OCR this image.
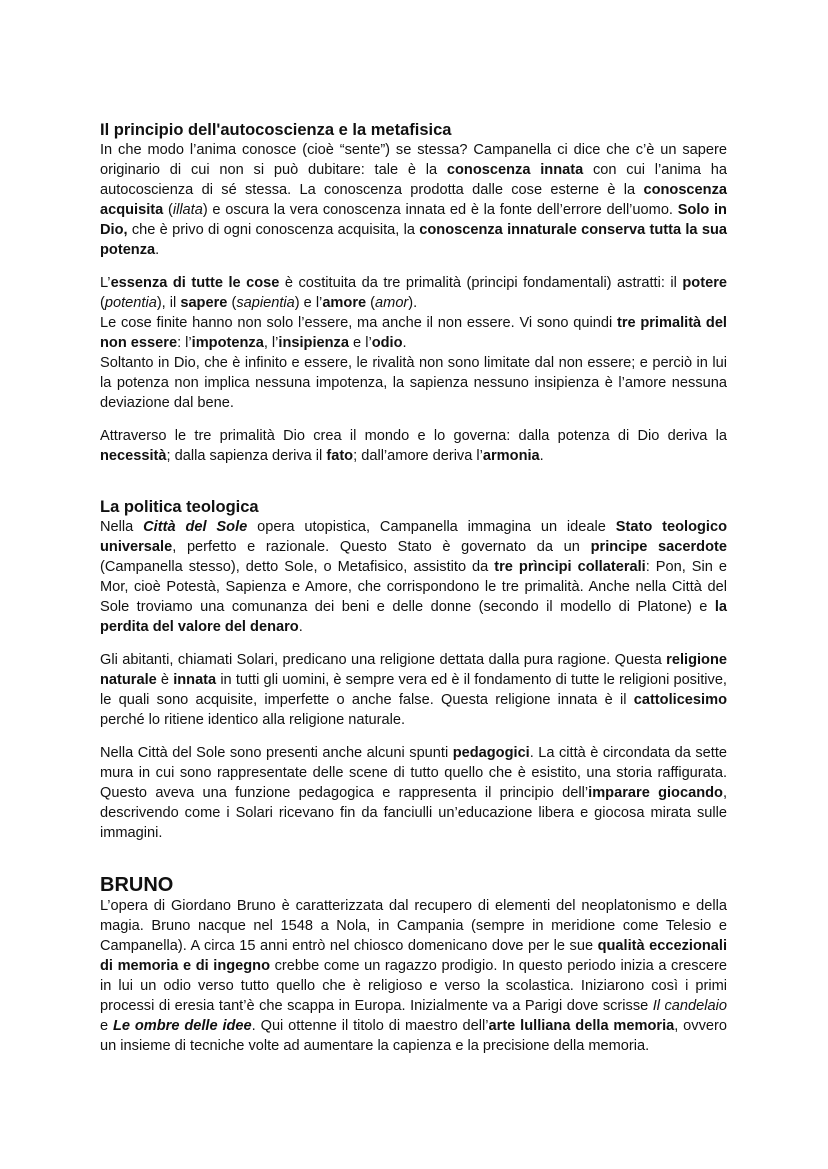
Il principio dell'autocoscienza e la metafisica

In che modo l’anima conosce (cioè “sente”) se stessa? Campanella ci dice che c’è un sapere originario di cui non si può dubitare: tale è la conoscenza innata con cui l’anima ha autocoscienza di sé stessa. La conoscenza prodotta dalle cose esterne è la conoscenza acquisita (illata) e oscura la vera conoscenza innata ed è la fonte dell’errore dell’uomo. Solo in Dio, che è privo di ogni conoscenza acquisita, la conoscenza innaturale conserva tutta la sua potenza.

L’essenza di tutte le cose è costituita da tre primalità (principi fondamentali) astratti: il potere (potentia), il sapere (sapientia) e l’amore (amor).

Le cose finite hanno non solo l’essere, ma anche il non essere. Vi sono quindi tre primalità del non essere: l’impotenza, l’insipienza e l’odio.

Soltanto in Dio, che è infinito e essere, le rivalità non sono limitate dal non essere; e perciò in lui la potenza non implica nessuna impotenza, la sapienza nessuno insipienza è l’amore nessuna deviazione dal bene.

Attraverso le tre primalità Dio crea il mondo e lo governa: dalla potenza di Dio deriva la necessità; dalla sapienza deriva il fato; dall’amore deriva l’armonia.

La politica teologica

Nella Città del Sole opera utopistica, Campanella immagina un ideale Stato teologico universale, perfetto e razionale. Questo Stato è governato da un principe sacerdote (Campanella stesso), detto Sole, o Metafisico, assistito da tre prìncipi collaterali: Pon, Sin e Mor, cioè Potestà, Sapienza e Amore, che corrispondono le tre primalità. Anche nella Città del Sole troviamo una comunanza dei beni e delle donne (secondo il modello di Platone) e la perdita del valore del denaro.

Gli abitanti, chiamati Solari, predicano una religione dettata dalla pura ragione. Questa religione naturale è innata in tutti gli uomini, è sempre vera ed è il fondamento di tutte le religioni positive, le quali sono acquisite, imperfette o anche false. Questa religione innata è il cattolicesimo perché lo ritiene identico alla religione naturale.

Nella Città del Sole sono presenti anche alcuni spunti pedagogici. La città è circondata da sette mura in cui sono rappresentate delle scene di tutto quello che è esistito, una storia raffigurata. Questo aveva una funzione pedagogica e rappresenta il principio dell’imparare giocando, descrivendo come i Solari ricevano fin da fanciulli un’educazione libera e giocosa mirata sulle immagini.

BRUNO

L’opera di Giordano Bruno è caratterizzata dal recupero di elementi del neoplatonismo e della magia. Bruno nacque nel 1548 a Nola, in Campania (sempre in meridione come Telesio e Campanella). A circa 15 anni entrò nel chiosco domenicano dove per le sue qualità eccezionali di memoria e di ingegno crebbe come un ragazzo prodigio. In questo periodo inizia a crescere in lui un odio verso tutto quello che è religioso e verso la scolastica. Iniziarono così i primi processi di eresia tant’è che scappa in Europa. Inizialmente va a Parigi dove scrisse Il candelaio e Le ombre delle idee. Qui ottenne il titolo di maestro dell’arte lulliana della memoria, ovvero un insieme di tecniche volte ad aumentare la capienza e la precisione della memoria.
